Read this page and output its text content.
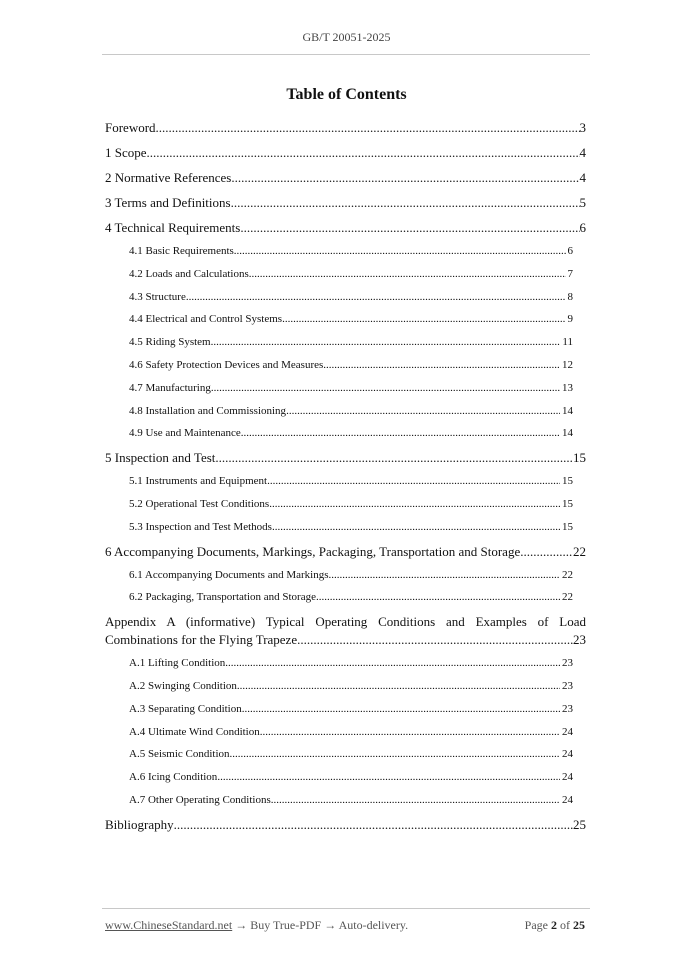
GB/T 20051-2025
Table of Contents
Foreword .....	3
1 Scope .....	4
2 Normative References .....	4
3 Terms and Definitions .....	5
4 Technical Requirements .....	6
4.1 Basic Requirements .....	6
4.2 Loads and Calculations .....	7
4.3 Structure .....	8
4.4 Electrical and Control Systems .....	9
4.5 Riding System .....	11
4.6 Safety Protection Devices and Measures .....	12
4.7 Manufacturing .....	13
4.8 Installation and Commissioning .....	14
4.9 Use and Maintenance .....	14
5 Inspection and Test .....	15
5.1 Instruments and Equipment .....	15
5.2 Operational Test Conditions .....	15
5.3 Inspection and Test Methods .....	15
6 Accompanying Documents, Markings, Packaging, Transportation and Storage .....	22
6.1 Accompanying Documents and Markings .....	22
6.2 Packaging, Transportation and Storage .....	22
Appendix A (informative) Typical Operating Conditions and Examples of Load
Combinations for the Flying Trapeze .....	23
A.1 Lifting Condition .....	23
A.2 Swinging Condition .....	23
A.3 Separating Condition .....	23
A.4 Ultimate Wind Condition .....	24
A.5 Seismic Condition .....	24
A.6 Icing Condition .....	24
A.7 Other Operating Conditions .....	24
Bibliography .....	25
www.ChineseStandard.net → Buy True-PDF → Auto-delivery.	Page 2 of 25
